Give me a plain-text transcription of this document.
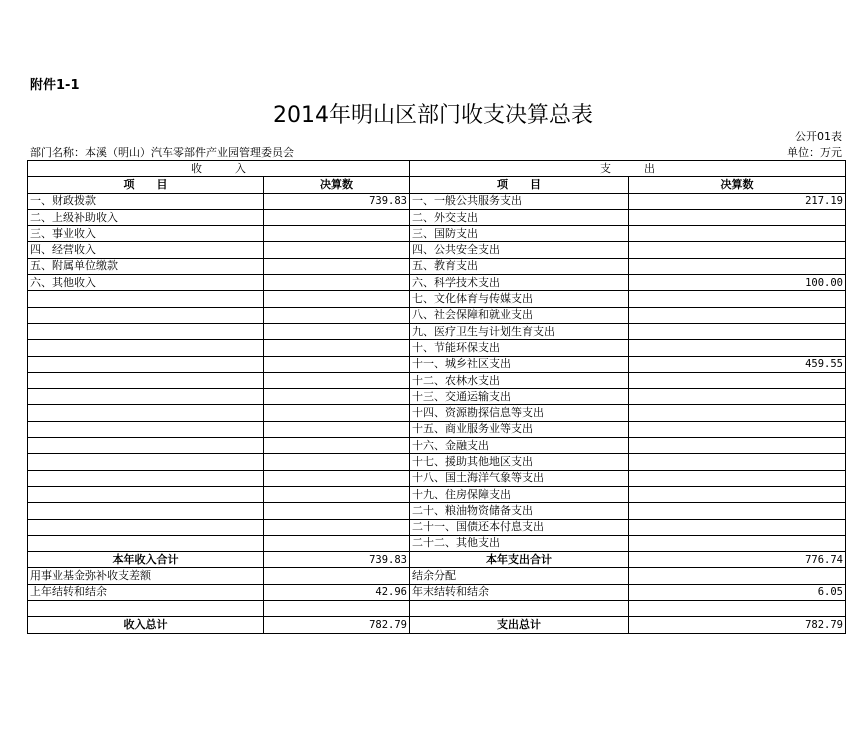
附件1-1
2014年明山区部门收支决算总表
公开01表
部门名称：本溪（明山）汽车零部件产业园管理委员会	单位：万元
收　　　入		支　　　出	
项　　目	决算数	项　　目	决算数
一、财政拨款	739.83	一、一般公共服务支出	217.19
二、上级补助收入		二、外交支出	
三、事业收入		三、国防支出	
四、经营收入		四、公共安全支出	
五、附属单位缴款		五、教育支出	
六、其他收入		六、科学技术支出	100.00
		七、文化体育与传媒支出	
		八、社会保障和就业支出	
		九、医疗卫生与计划生育支出	
		十、节能环保支出	
		十一、城乡社区支出	459.55
		十二、农林水支出	
		十三、交通运输支出	
		十四、资源勘探信息等支出	
		十五、商业服务业等支出	
		十六、金融支出	
		十七、援助其他地区支出	
		十八、国土海洋气象等支出	
		十九、住房保障支出	
		二十、粮油物资储备支出	
		二十一、国债还本付息支出	
		二十二、其他支出	
本年收入合计	739.83	本年支出合计	776.74
用事业基金弥补收支差额		结余分配	
上年结转和结余	42.96	年末结转和结余	6.05

收入总计	782.79	支出总计	782.79
